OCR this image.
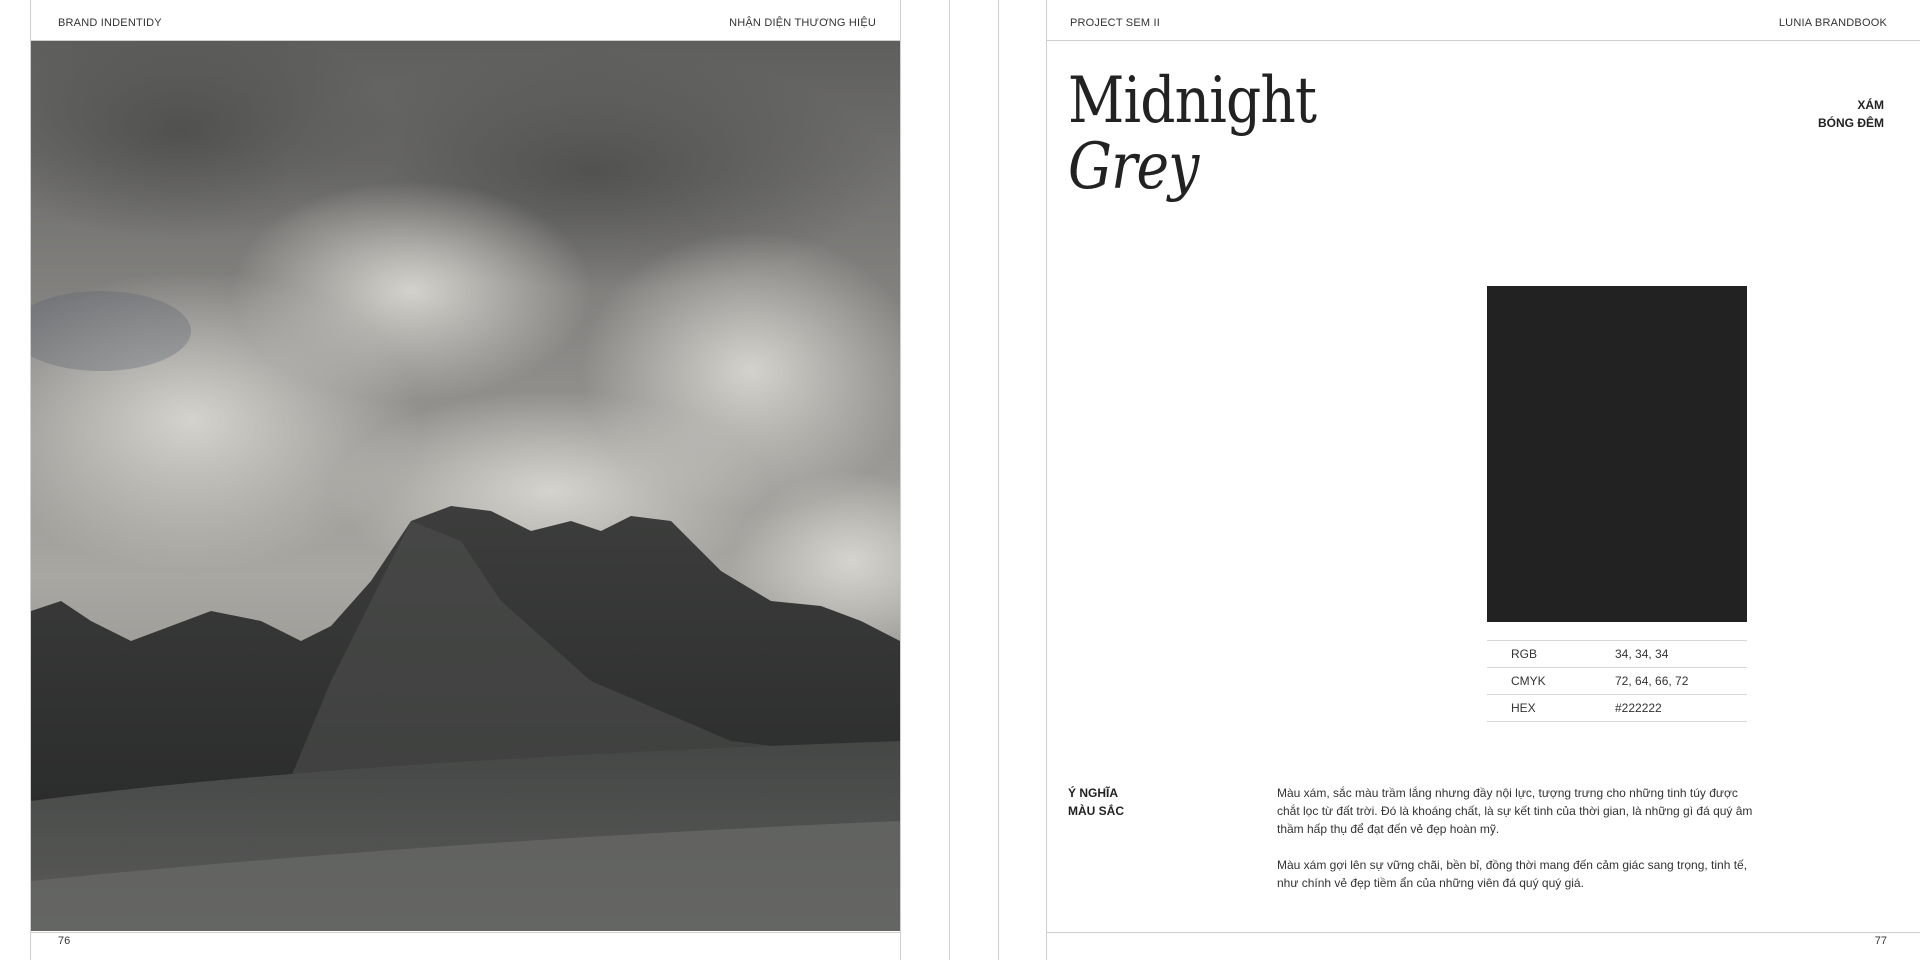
BRAND INDENTIDY	NHẬN DIỆN THƯƠNG HIỆU
76
PROJECT SEM II	LUNIA BRANDBOOK
77
Midnight
Grey
XÁM
BÓNG ĐÊM
RGB	34, 34, 34
CMYK	72, 64, 66, 72
HEX	#222222
Ý NGHĨA
MÀU SẮC

Màu xám, sắc màu trầm lắng nhưng đầy nội lực, tượng trưng cho những tinh túy được chắt lọc từ đất trời. Đó là khoáng chất, là sự kết tinh của thời gian, là những gì đá quý âm thầm hấp thụ để đạt đến vẻ đẹp hoàn mỹ.

Màu xám gợi lên sự vững chãi, bền bỉ, đồng thời mang đến cảm giác sang trọng, tinh tế, như chính vẻ đẹp tiềm ẩn của những viên đá quý quý giá.
